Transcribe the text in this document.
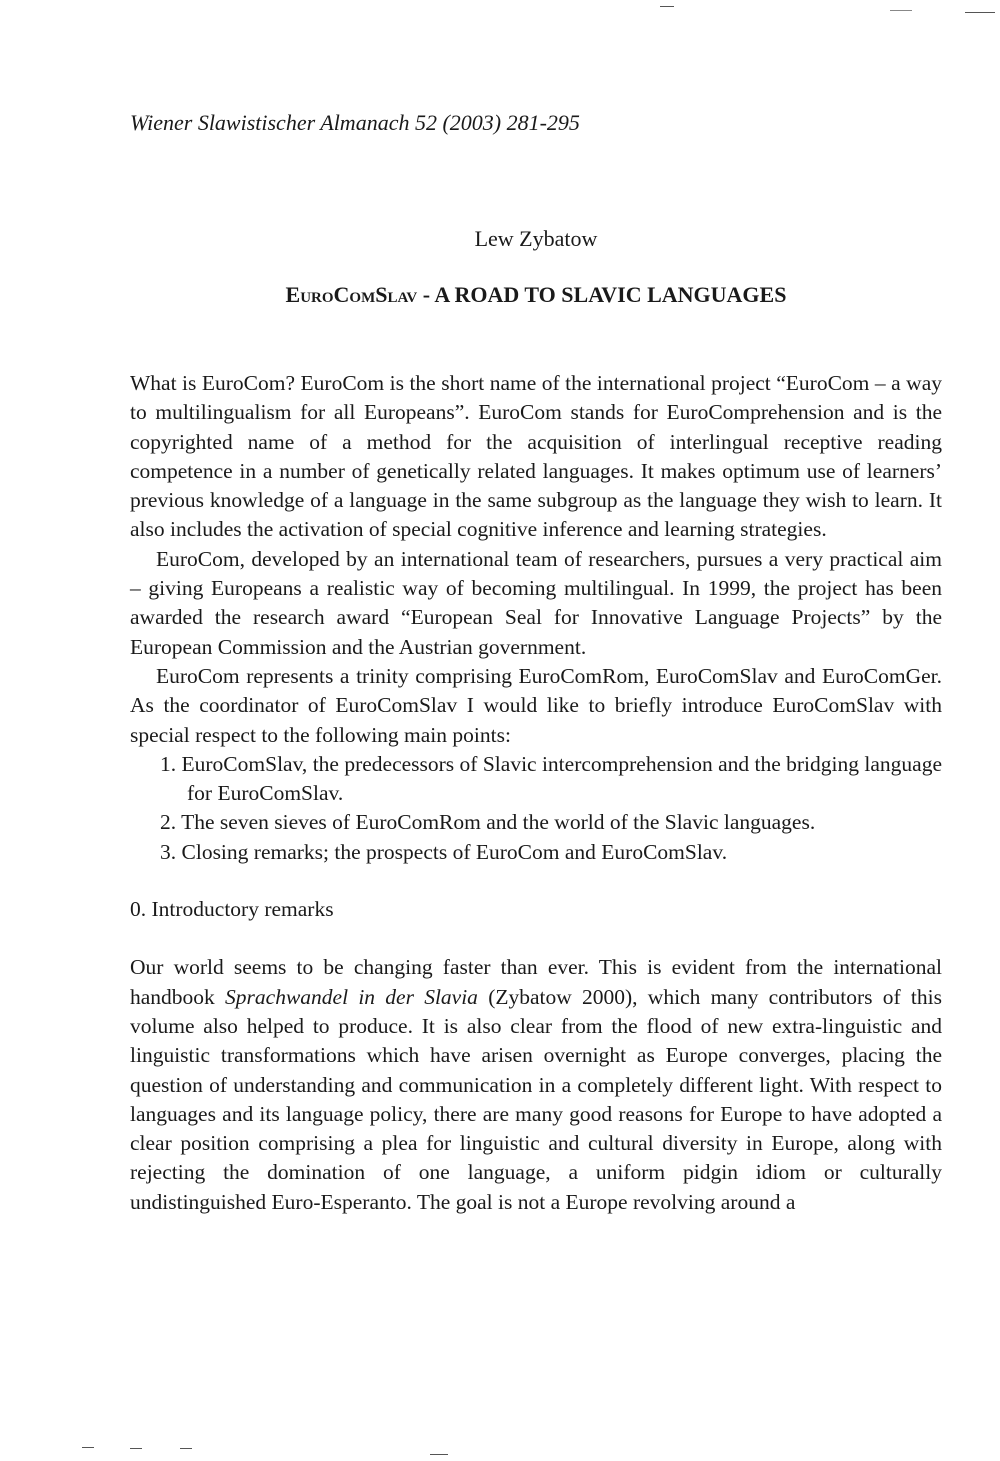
Wiener Slawistischer Almanach 52 (2003) 281-295
Lew Zybatow
EuroComSlav - A ROAD TO SLAVIC LANGUAGES

What is EuroCom? EuroCom is the short name of the international project “EuroCom – a way to multilingualism for all Europeans”. EuroCom stands for EuroComprehension and is the copyrighted name of a method for the acquisition of interlingual receptive reading competence in a number of genetically related languages. It makes optimum use of learners’ previous knowledge of a language in the same subgroup as the language they wish to learn. It also includes the activation of special cognitive inference and learning strategies.

EuroCom, developed by an international team of researchers, pursues a very practical aim – giving Europeans a realistic way of becoming multilingual. In 1999, the project has been awarded the research award “European Seal for Innovative Language Projects” by the European Commission and the Austrian government.

EuroCom represents a trinity comprising EuroComRom, EuroComSlav and EuroComGer. As the coordinator of EuroComSlav I would like to briefly introduce EuroComSlav with special respect to the following main points:

1. EuroComSlav, the predecessors of Slavic intercomprehension and the bridging language for EuroComSlav.
2. The seven sieves of EuroComRom and the world of the Slavic languages.
3. Closing remarks; the prospects of EuroCom and EuroComSlav.
0. Introductory remarks

Our world seems to be changing faster than ever. This is evident from the international handbook Sprachwandel in der Slavia (Zybatow 2000), which many contributors of this volume also helped to produce. It is also clear from the flood of new extra-linguistic and linguistic transformations which have arisen overnight as Europe converges, placing the question of understanding and communication in a completely different light. With respect to languages and its language policy, there are many good reasons for Europe to have adopted a clear position comprising a plea for linguistic and cultural diversity in Europe, along with rejecting the domination of one language, a uniform pidgin idiom or culturally undistinguished Euro-Esperanto. The goal is not a Europe revolving around a
